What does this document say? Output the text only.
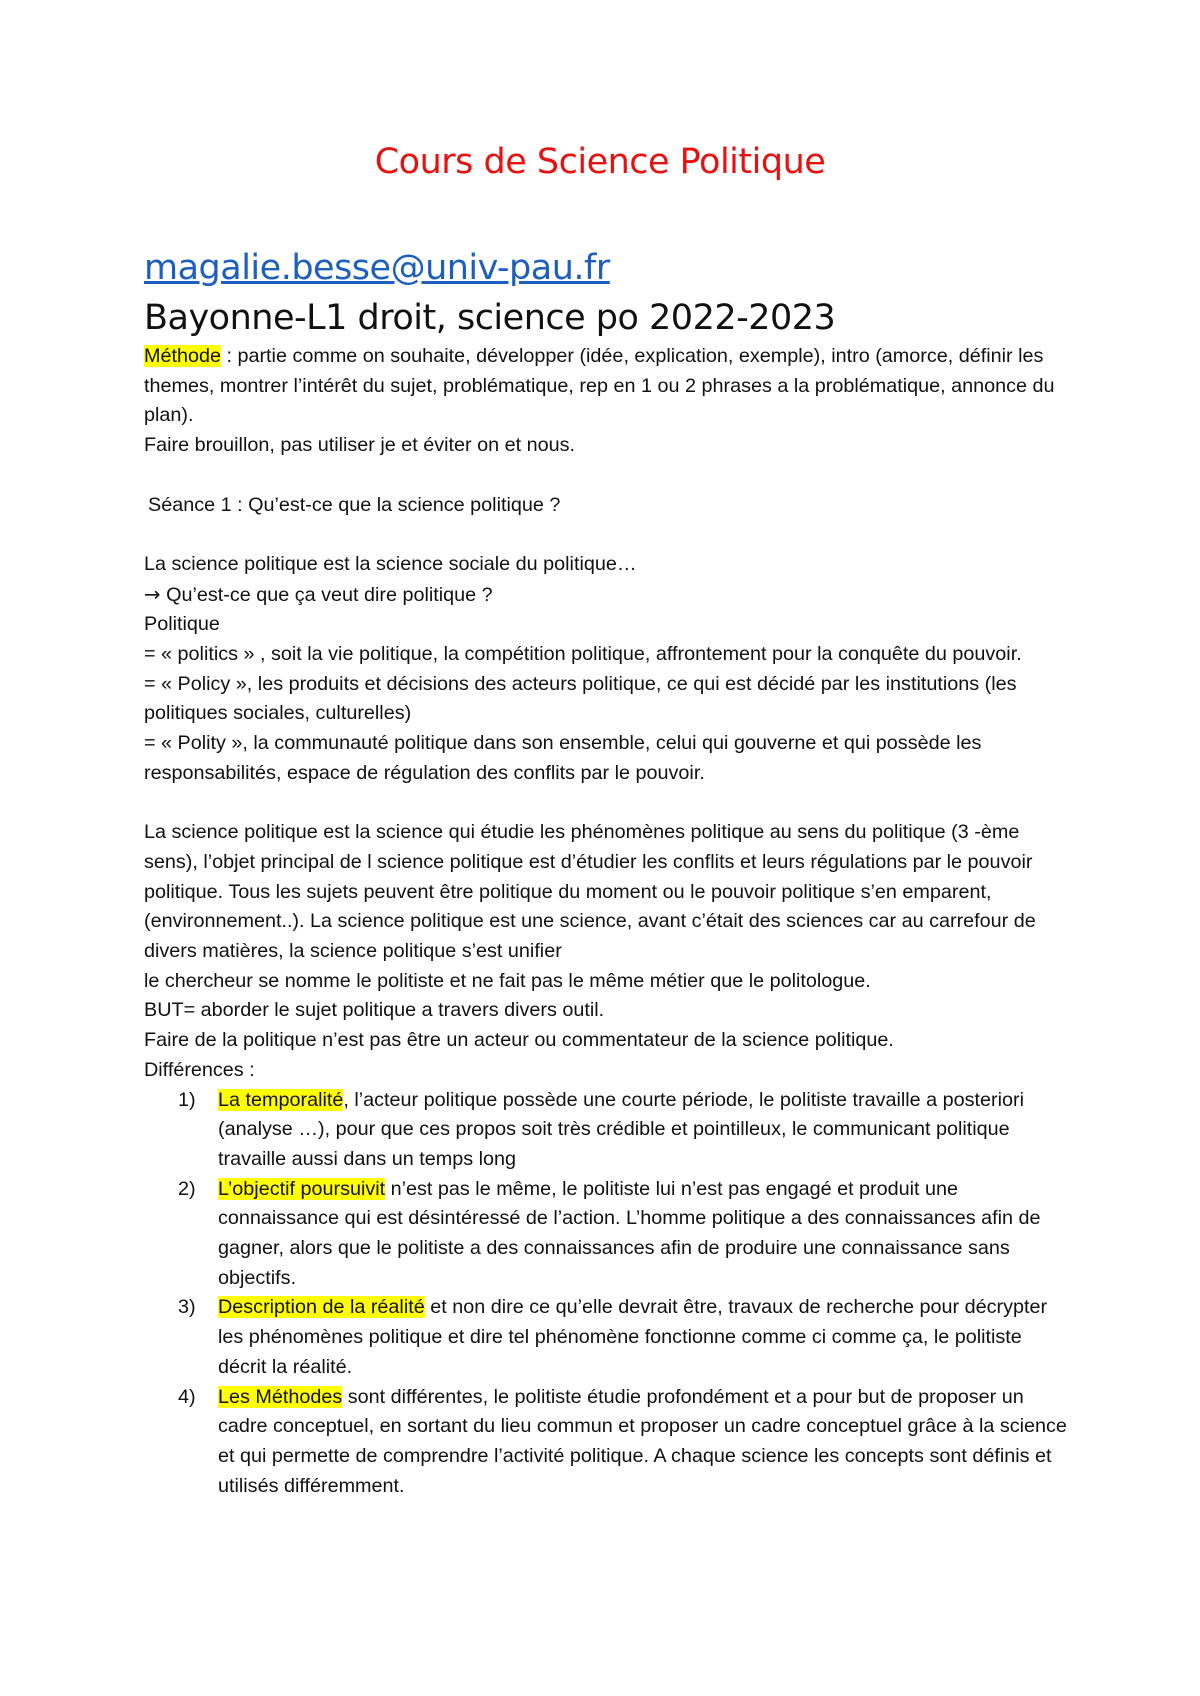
Cours de Science Politique
magalie.besse@univ-pau.fr
Bayonne-L1 droit, science po 2022-2023

Méthode : partie comme on souhaite, développer (idée, explication, exemple), intro (amorce, définir les themes, montrer l’intérêt du sujet, problématique, rep en 1 ou 2 phrases a la problématique, annonce du plan).

Faire brouillon, pas utiliser je et éviter on et nous.

Séance 1 : Qu’est-ce que la science politique ?

La science politique est la science sociale du politique…

→ Qu’est-ce que ça veut dire politique ?

Politique

= « politics » , soit la vie politique, la compétition politique, affrontement pour la conquête du pouvoir.

= « Policy », les produits et décisions des acteurs politique, ce qui est décidé par les institutions (les politiques sociales, culturelles)

= « Polity », la communauté politique dans son ensemble, celui qui gouverne et qui possède les responsabilités, espace de régulation des conflits par le pouvoir.

La science politique est la science qui étudie les phénomènes politique au sens du politique (3 -ème sens), l’objet principal de l science politique est d’étudier les conflits et leurs régulations par le pouvoir politique. Tous les sujets peuvent être politique du moment ou le pouvoir politique s’en emparent, (environnement..). La science politique est une science, avant c’était des sciences car au carrefour de divers matières, la science politique s’est unifier

le chercheur se nomme le politiste et ne fait pas le même métier que le politologue.

BUT= aborder le sujet politique a travers divers outil.

Faire de la politique n’est pas être un acteur ou commentateur de la science politique.

Différences :

1) La temporalité, l’acteur politique possède une courte période, le politiste travaille a posteriori (analyse …), pour que ces propos soit très crédible et pointilleux, le communicant politique travaille aussi dans un temps long
2) L’objectif poursuivit n’est pas le même, le politiste lui n’est pas engagé et produit une connaissance qui est désintéressé de l’action. L’homme politique a des connaissances afin de gagner, alors que le politiste a des connaissances afin de produire une connaissance sans objectifs.
3) Description de la réalité et non dire ce qu’elle devrait être, travaux de recherche pour décrypter les phénomènes politique et dire tel phénomène fonctionne comme ci comme ça, le politiste décrit la réalité.
4) Les Méthodes sont différentes, le politiste étudie profondément et a pour but de proposer un cadre conceptuel, en sortant du lieu commun et proposer un cadre conceptuel grâce à la science et qui permette de comprendre l’activité politique. A chaque science les concepts sont définis et utilisés différemment.
